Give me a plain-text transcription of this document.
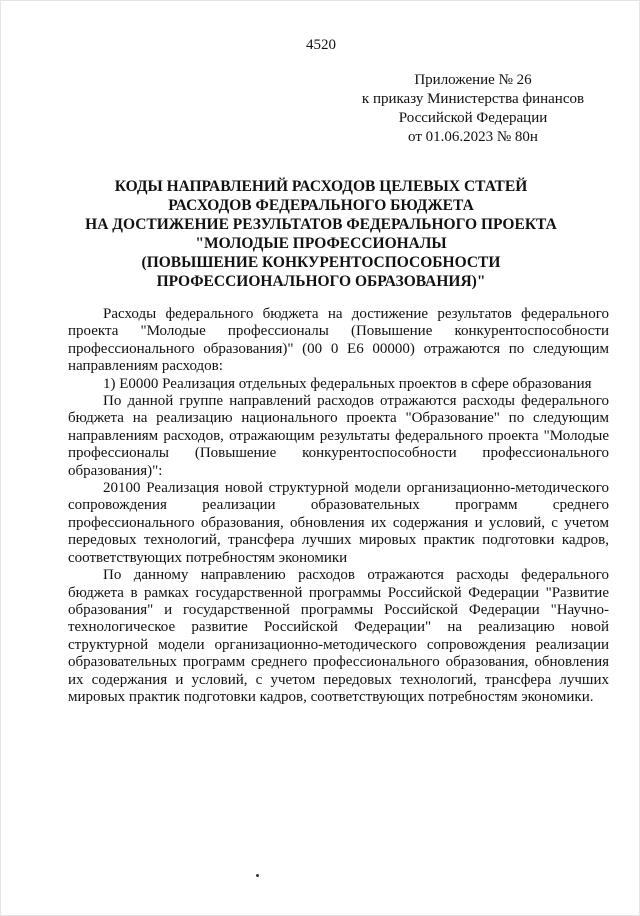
4520
Приложение № 26
к приказу Министерства финансов
Российской Федерации
от 01.06.2023 № 80н
КОДЫ НАПРАВЛЕНИЙ РАСХОДОВ ЦЕЛЕВЫХ СТАТЕЙ
РАСХОДОВ ФЕДЕРАЛЬНОГО БЮДЖЕТА
НА ДОСТИЖЕНИЕ РЕЗУЛЬТАТОВ ФЕДЕРАЛЬНОГО ПРОЕКТА
"МОЛОДЫЕ ПРОФЕССИОНАЛЫ
(ПОВЫШЕНИЕ КОНКУРЕНТОСПОСОБНОСТИ
ПРОФЕССИОНАЛЬНОГО ОБРАЗОВАНИЯ)"

Расходы федерального бюджета на достижение результатов федерального проекта "Молодые профессионалы (Повышение конкурентоспособности профессионального образования)" (00 0 Е6 00000) отражаются по следующим направлениям расходов:

1) Е0000 Реализация отдельных федеральных проектов в сфере образования

По данной группе направлений расходов отражаются расходы федерального бюджета на реализацию национального проекта "Образование" по следующим направлениям расходов, отражающим результаты федерального проекта "Молодые профессионалы (Повышение конкурентоспособности профессионального образования)":

20100 Реализация новой структурной модели организационно-методического сопровождения реализации образовательных программ среднего профессионального образования, обновления их содержания и условий, с учетом передовых технологий, трансфера лучших мировых практик подготовки кадров, соответствующих потребностям экономики

По данному направлению расходов отражаются расходы федерального бюджета в рамках государственной программы Российской Федерации "Развитие образования" и государственной программы Российской Федерации "Научно-технологическое развитие Российской Федерации" на реализацию новой структурной модели организационно-методического сопровождения реализации образовательных программ среднего профессионального образования, обновления их содержания и условий, с учетом передовых технологий, трансфера лучших мировых практик подготовки кадров, соответствующих потребностям экономики.
